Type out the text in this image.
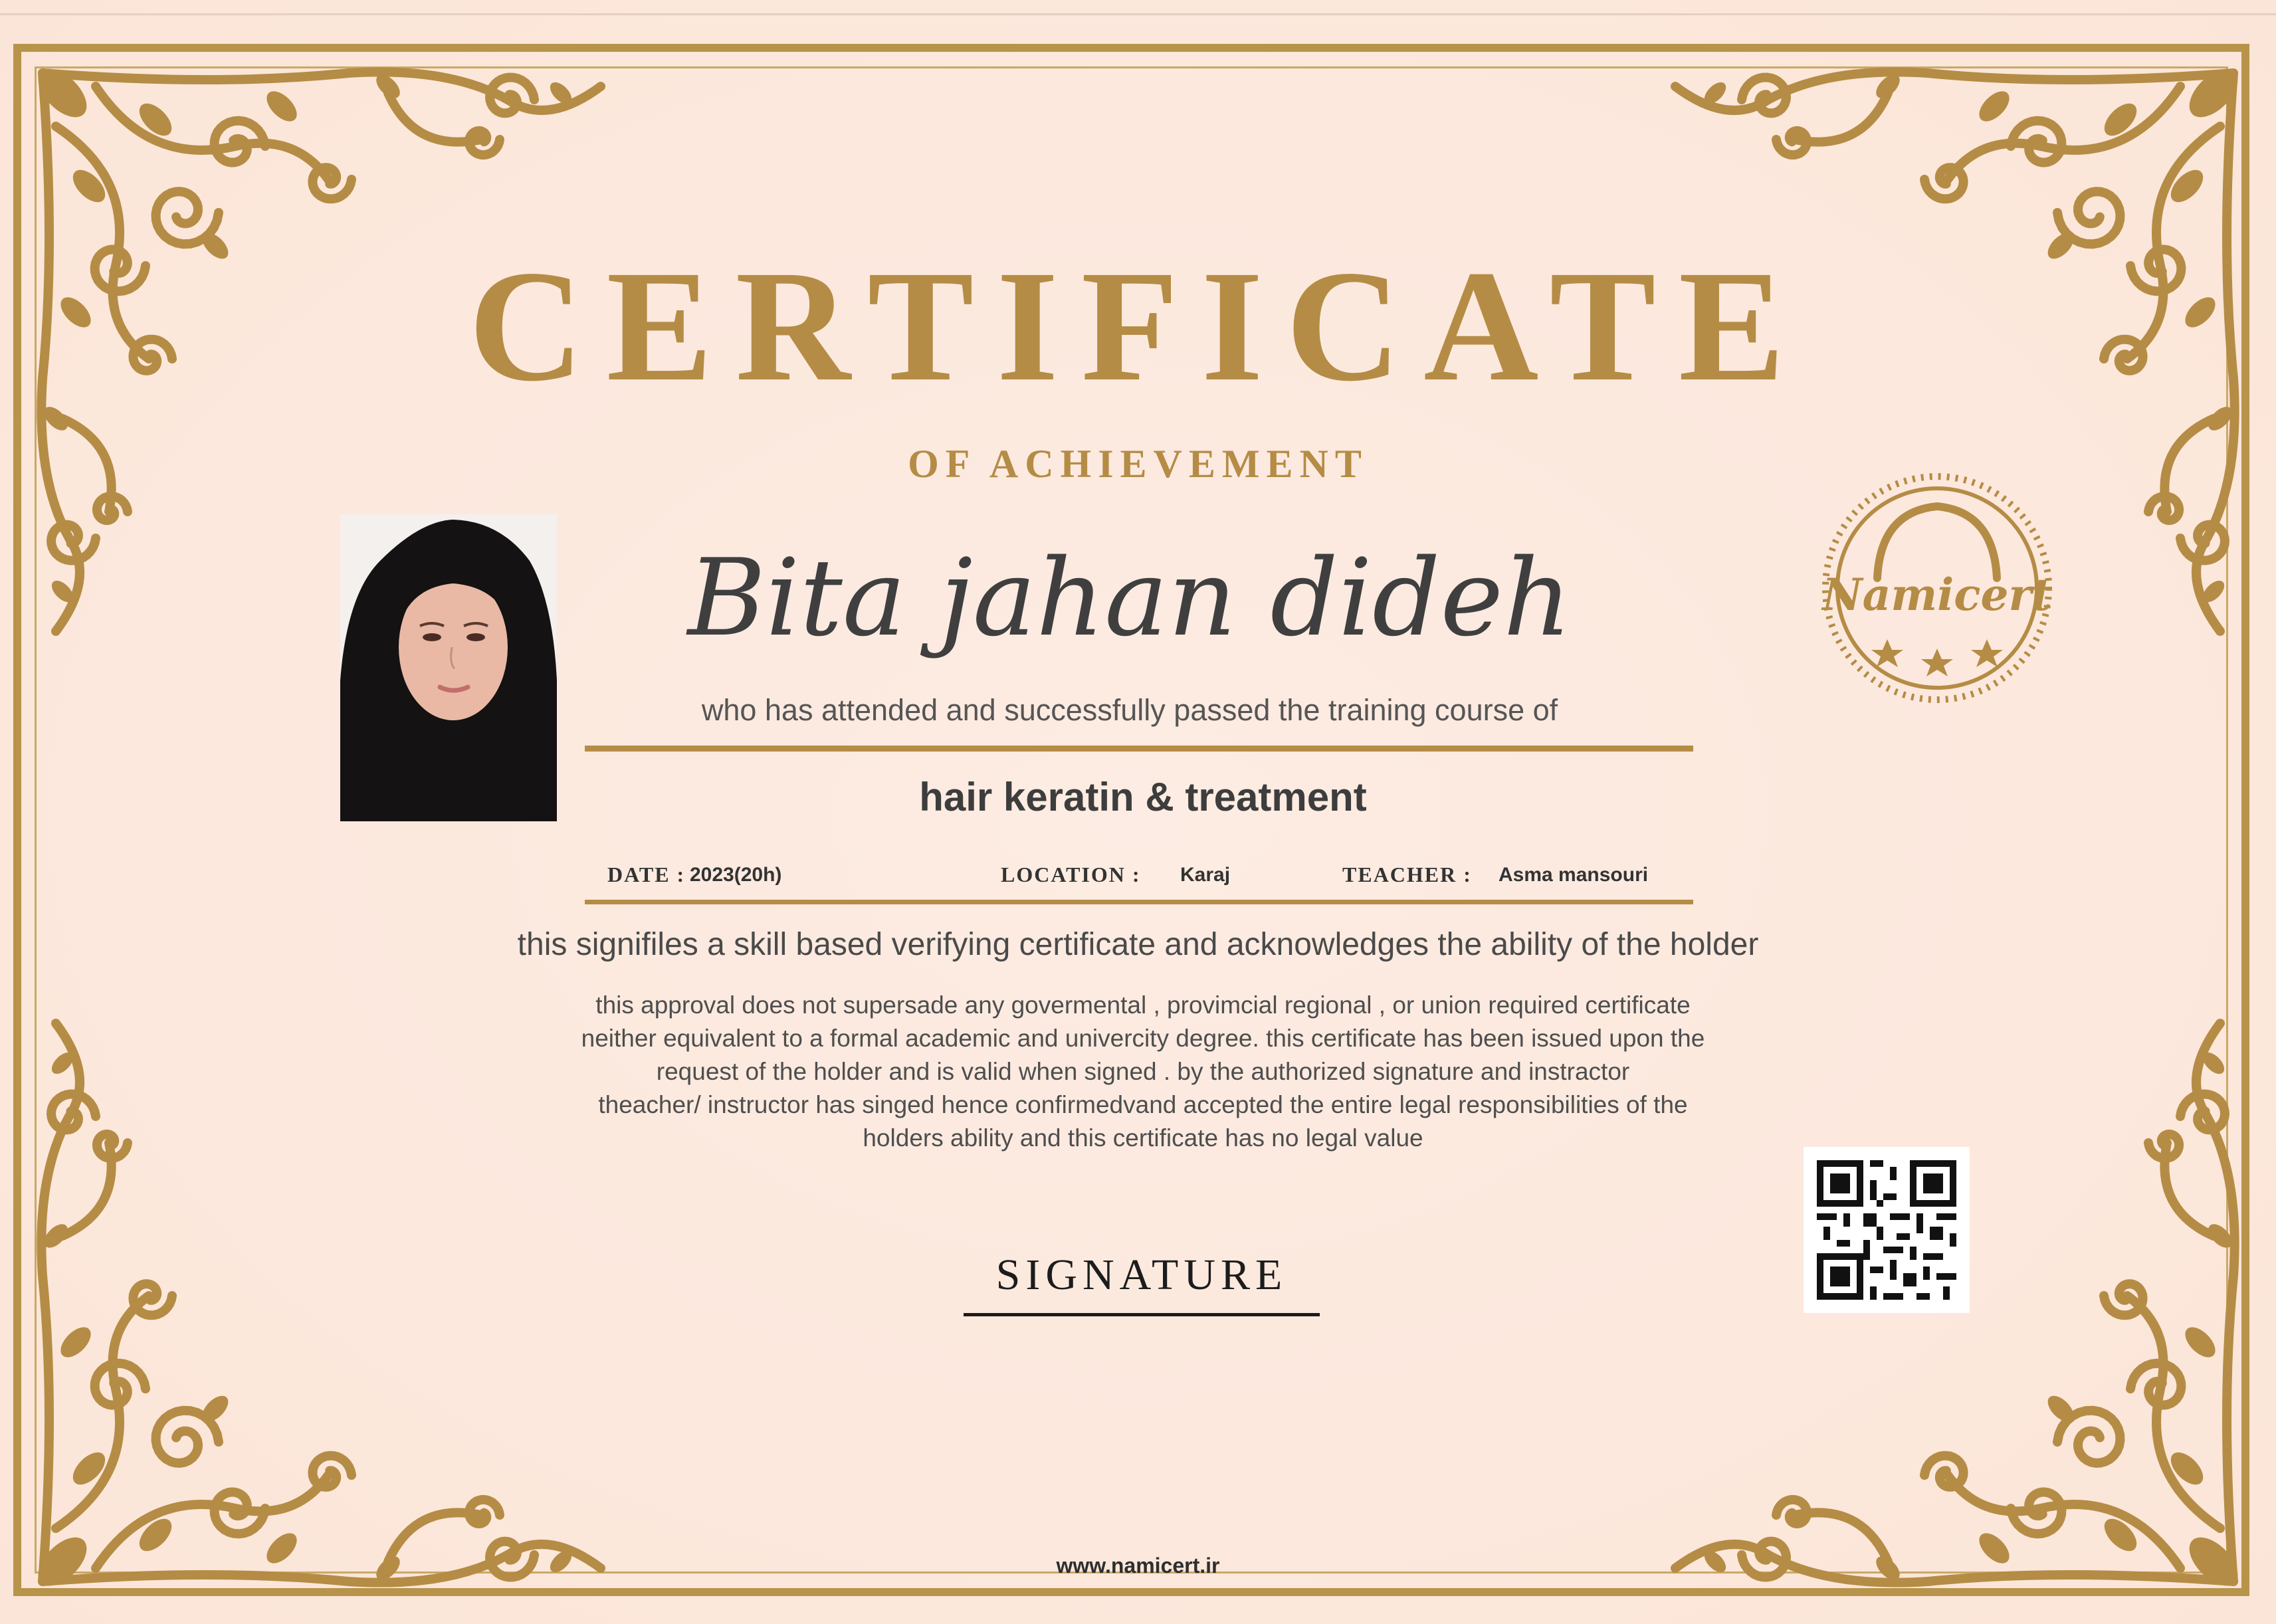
CERTIFICATE
OF ACHIEVEMENT
Bita jahan dideh
who has attended and successfully passed the training course of
hair keratin & treatment
DATE : 2023(20h)	LOCATION : Karaj	TEACHER : Asma mansouri
this signifiles a skill based verifying certificate and acknowledges the ability of the holder
this approval does not supersade any govermental , provimcial regional , or union required certificate
neither equivalent to a formal academic and univercity degree. this certificate has been issued upon the
request of the holder and is valid when signed . by the authorized signature and instractor
theacher/ instructor has singed hence confirmedvand accepted the entire legal responsibilities of the
holders ability and this certificate has no legal value
SIGNATURE
Namicert
www.namicert.ir
